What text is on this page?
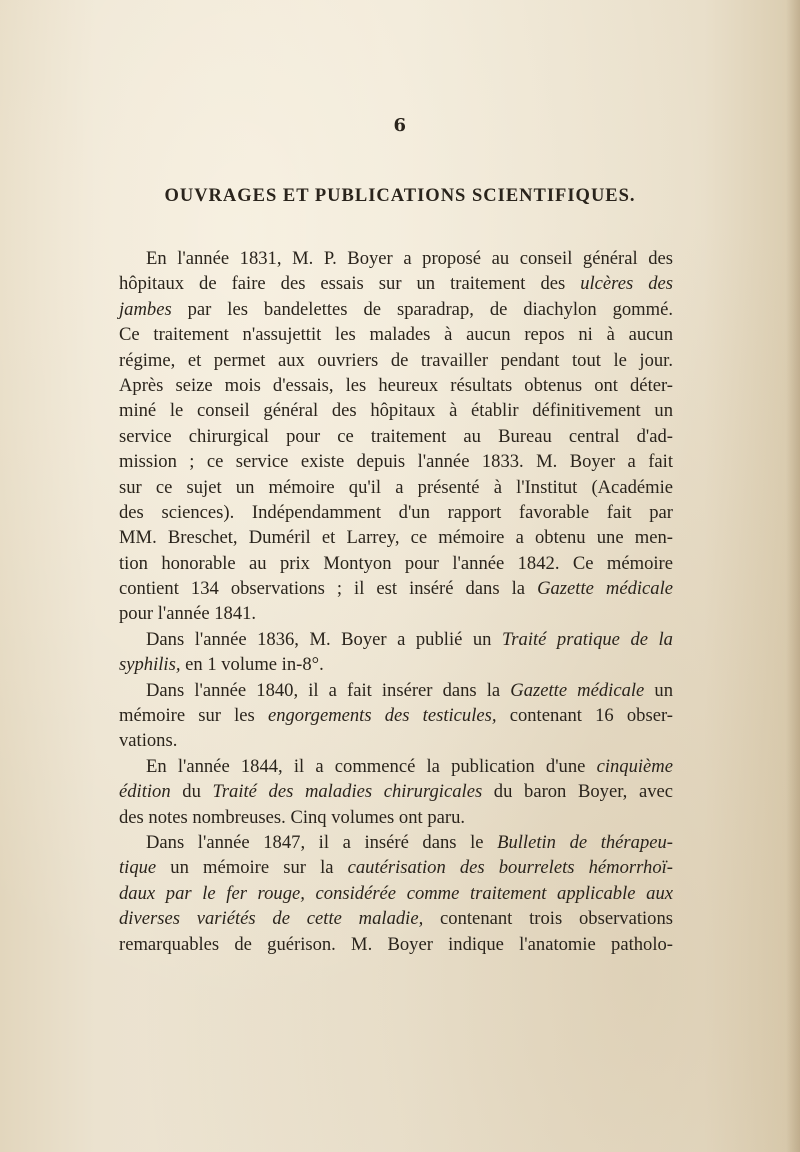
6
OUVRAGES ET PUBLICATIONS SCIENTIFIQUES.
En l'année 1831, M. P. Boyer a proposé au conseil général des
hôpitaux de faire des essais sur un traitement des ulcères des
jambes par les bandelettes de sparadrap, de diachylon gommé.
Ce traitement n'assujettit les malades à aucun repos ni à aucun
régime, et permet aux ouvriers de travailler pendant tout le jour.
Après seize mois d'essais, les heureux résultats obtenus ont déter-
miné le conseil général des hôpitaux à établir définitivement un
service chirurgical pour ce traitement au Bureau central d'ad-
mission ; ce service existe depuis l'année 1833. M. Boyer a fait
sur ce sujet un mémoire qu'il a présenté à l'Institut (Académie
des sciences). Indépendamment d'un rapport favorable fait par
MM. Breschet, Duméril et Larrey, ce mémoire a obtenu une men-
tion honorable au prix Montyon pour l'année 1842. Ce mémoire
contient 134 observations ; il est inséré dans la Gazette médicale
pour l'année 1841.
Dans l'année 1836, M. Boyer a publié un Traité pratique de la
syphilis, en 1 volume in-8°.
Dans l'année 1840, il a fait insérer dans la Gazette médicale un
mémoire sur les engorgements des testicules, contenant 16 obser-
vations.
En l'année 1844, il a commencé la publication d'une cinquième
édition du Traité des maladies chirurgicales du baron Boyer, avec
des notes nombreuses. Cinq volumes ont paru.
Dans l'année 1847, il a inséré dans le Bulletin de thérapeu-
tique un mémoire sur la cautérisation des bourrelets hémorrhoï-
daux par le fer rouge, considérée comme traitement applicable aux
diverses variétés de cette maladie, contenant trois observations
remarquables de guérison. M. Boyer indique l'anatomie patholo-
